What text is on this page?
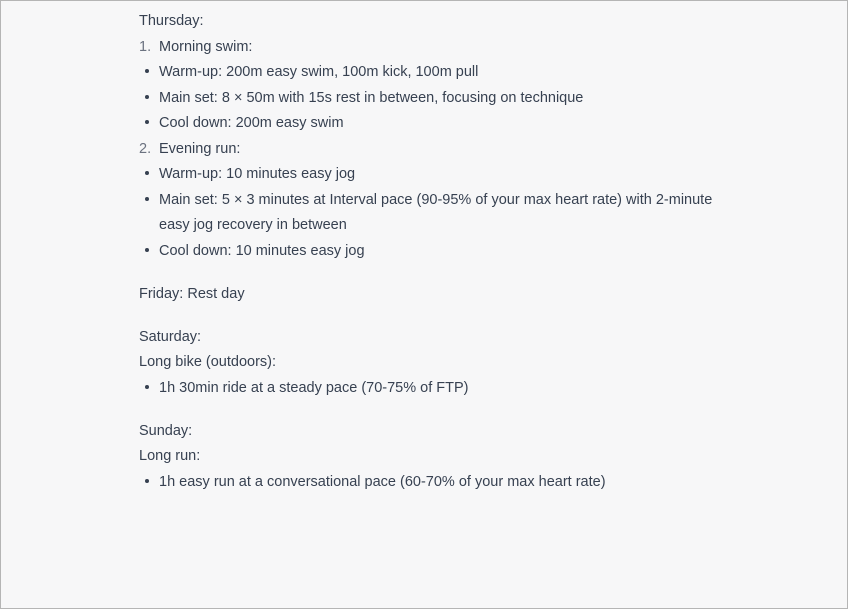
Thursday:

1. Morning swim:
Warm-up: 200m easy swim, 100m kick, 100m pull
Main set: 8 × 50m with 15s rest in between, focusing on technique
Cool down: 200m easy swim
2. Evening run:
Warm-up: 10 minutes easy jog
Main set: 5 × 3 minutes at Interval pace (90-95% of your max heart rate) with 2-minute easy jog recovery in between
Cool down: 10 minutes easy jog

Friday: Rest day

Saturday:

Long bike (outdoors):

1h 30min ride at a steady pace (70-75% of FTP)

Sunday:

Long run:

1h easy run at a conversational pace (60-70% of your max heart rate)
